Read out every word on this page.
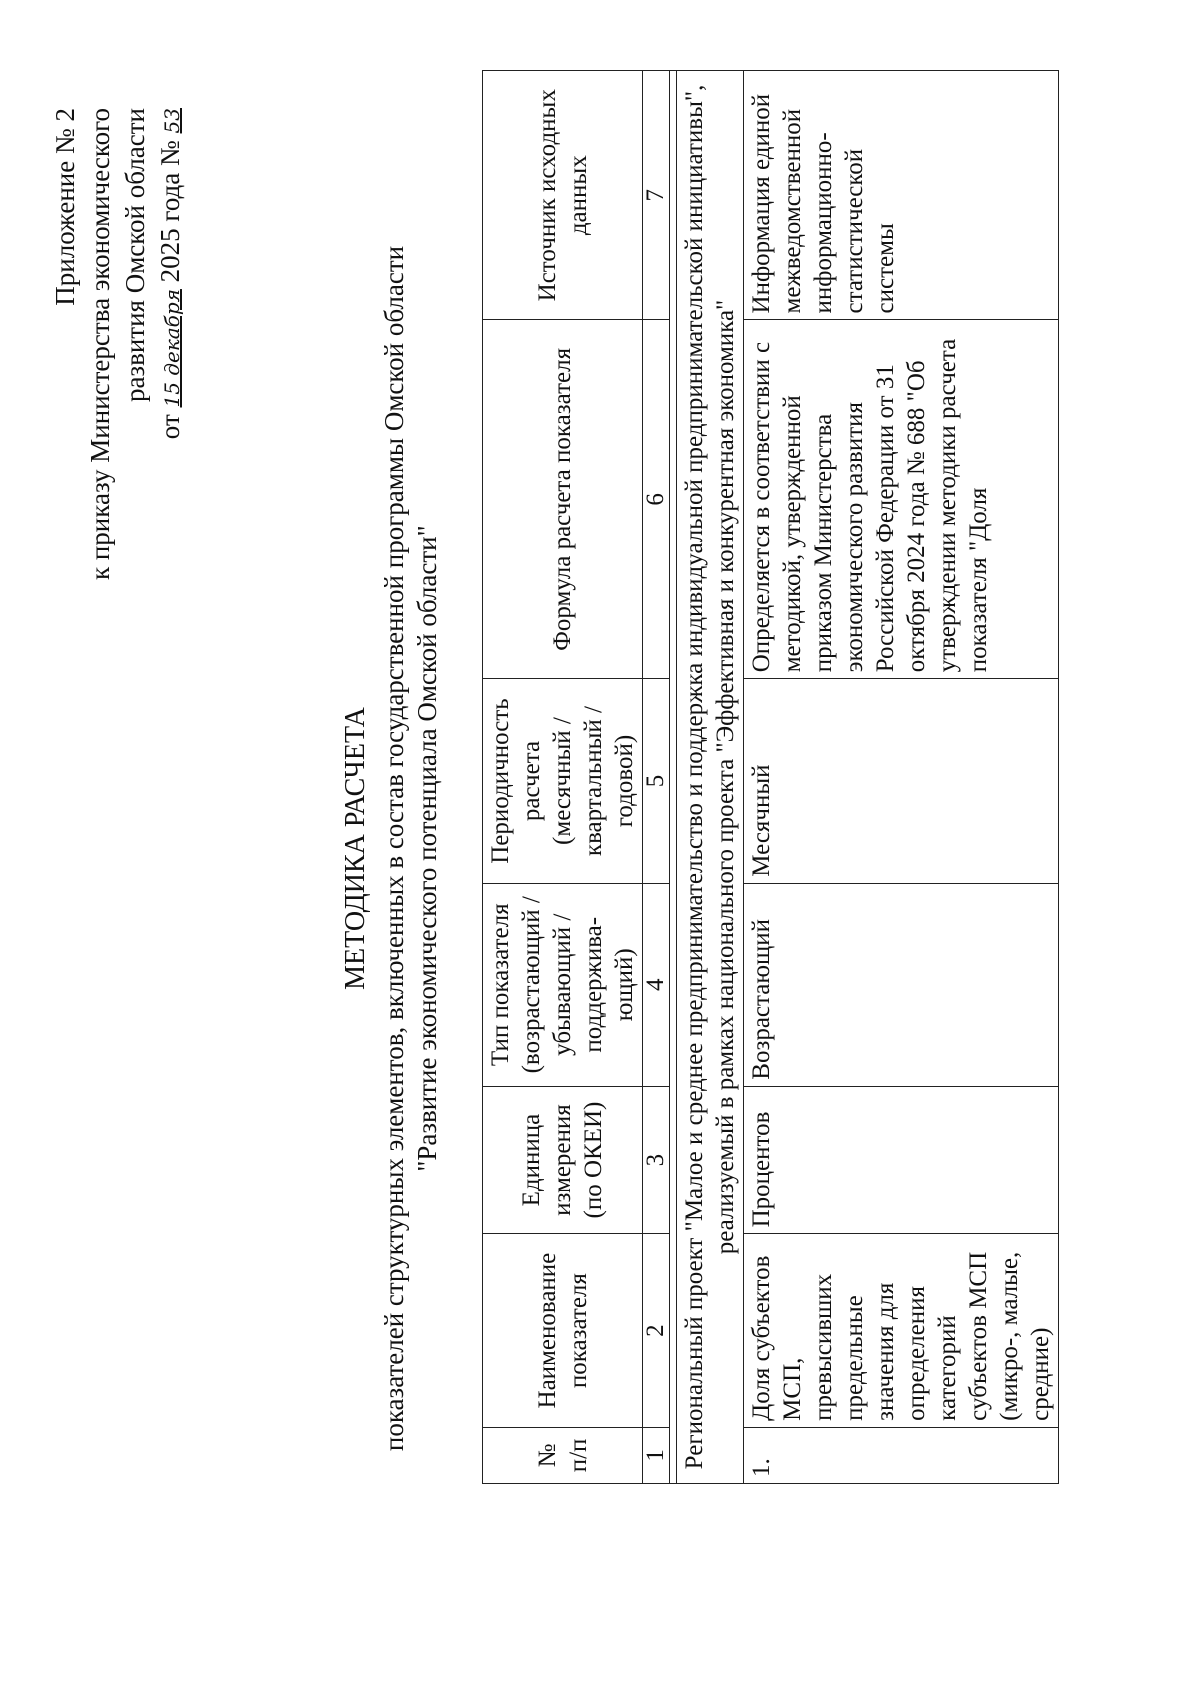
Приложение № 2 к приказу Министерства экономического развития Омской области
от 15 декабря 2025 года № 53
МЕТОДИКА РАСЧЕТА показателей структурных элементов, включенных в состав государственной программы Омской области "Развитие экономического потенциала Омской области"
№ п/п	Наименование показателя	Единица измерения (по ОКЕИ)	Тип показателя (возрастающий / убывающий / поддержива-ющий)	Периодичность расчета (месячный / квартальный / годовой)	Формула расчета показателя	Источник исходных данных
1	2	3	4	5	6	7

Региональный проект "Малое и среднее предпринимательство и поддержка индивидуальной предпринимательской инициативы", реализуемый в рамках национального проекта "Эффективная и конкурентная экономика"						
1.	Доля субъектов МСП, превысивших предельные значения для определения категорий субъектов МСП (микро-, малые, средние)	Процентов	Возрастающий	Месячный	Определяется в соответствии с методикой, утвержденной приказом Министерства экономического развития Российской Федерации от 31 октября 2024 года № 688 "Об утверждении методики расчета показателя "Доля	Информация единой межведомственной информационно-статистической системы
